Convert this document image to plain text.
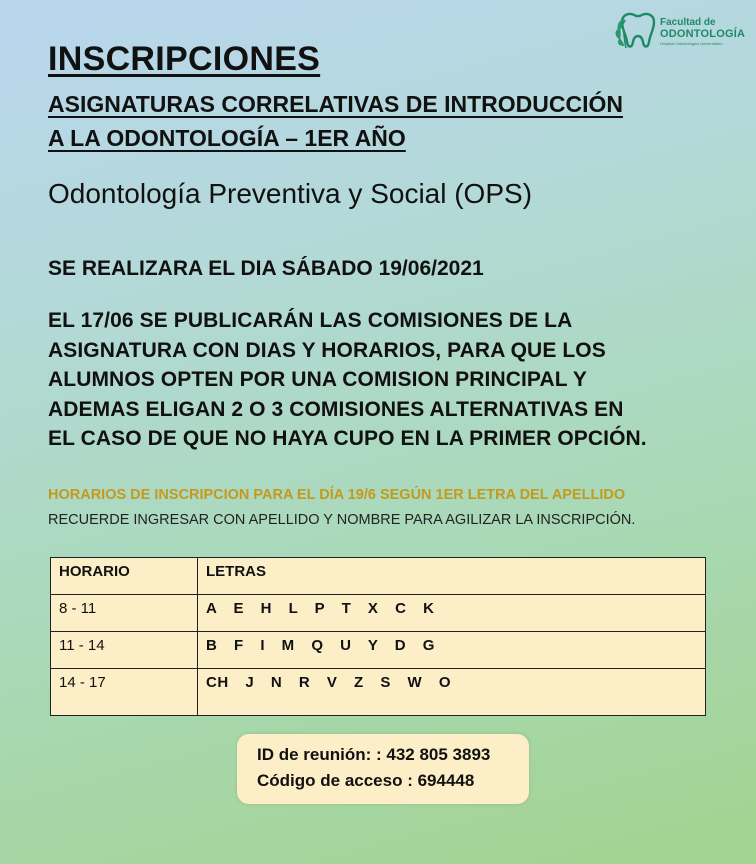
Facultad de
ODONTOLOGÍA
Hospital Odontológico Universitario
INSCRIPCIONES
ASIGNATURAS CORRELATIVAS DE INTRODUCCIÓN
A LA ODONTOLOGÍA – 1ER AÑO
Odontología Preventiva y Social (OPS)
SE REALIZARA EL DIA SÁBADO 19/06/2021
EL 17/06 SE PUBLICARÁN LAS COMISIONES DE LA
ASIGNATURA CON DIAS Y HORARIOS, PARA QUE LOS
ALUMNOS OPTEN POR UNA COMISION PRINCIPAL Y
ADEMAS ELIGAN 2 O 3 COMISIONES ALTERNATIVAS EN
EL CASO DE QUE NO HAYA CUPO EN LA PRIMER OPCIÓN.
HORARIOS DE INSCRIPCION PARA EL DÍA 19/6 SEGÚN 1ER LETRA DEL APELLIDO
RECUERDE INGRESAR CON APELLIDO Y NOMBRE PARA AGILIZAR LA INSCRIPCIÓN.
HORARIO	LETRAS
8 - 11	A E H L P T X C K
11 - 14	B F I M Q U Y D G
14 - 17	CH J N R V Z S W O
ID de reunión: : 432 805 3893
Código de acceso : 694448
